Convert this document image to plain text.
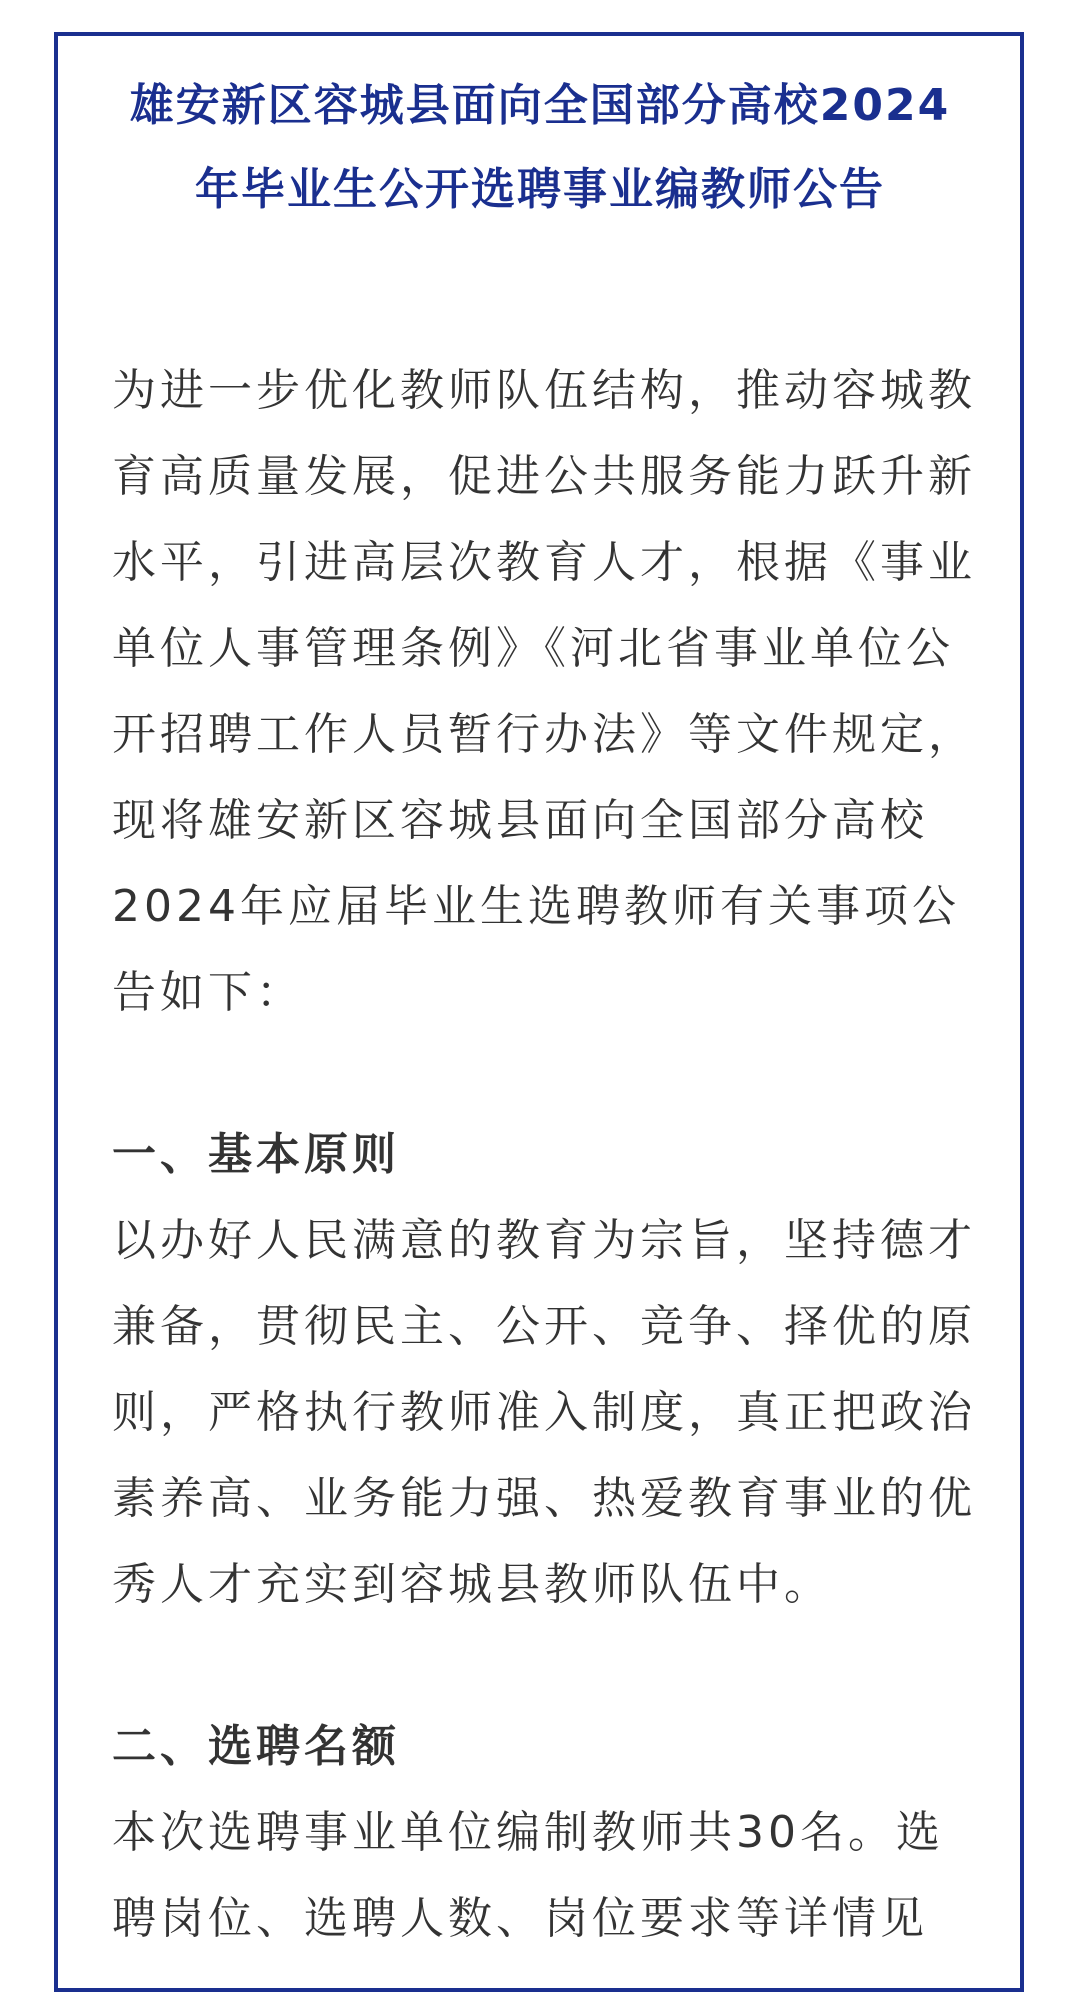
雄安新区容城县面向全国部分高校2024
年毕业生公开选聘事业编教师公告
为进一步优化教师队伍结构，推动容城教
育高质量发展，促进公共服务能力跃升新
水平，引进高层次教育人才，根据《事业
单位人事管理条例》《河北省事业单位公
开招聘工作人员暂行办法》等文件规定，
现将雄安新区容城县面向全国部分高校
2024年应届毕业生选聘教师有关事项公
告如下：
一、基本原则
以办好人民满意的教育为宗旨，坚持德才
兼备，贯彻民主、公开、竞争、择优的原
则，严格执行教师准入制度，真正把政治
素养高、业务能力强、热爱教育事业的优
秀人才充实到容城县教师队伍中。
二、选聘名额
本次选聘事业单位编制教师共30名。选
聘岗位、选聘人数、岗位要求等详情见
